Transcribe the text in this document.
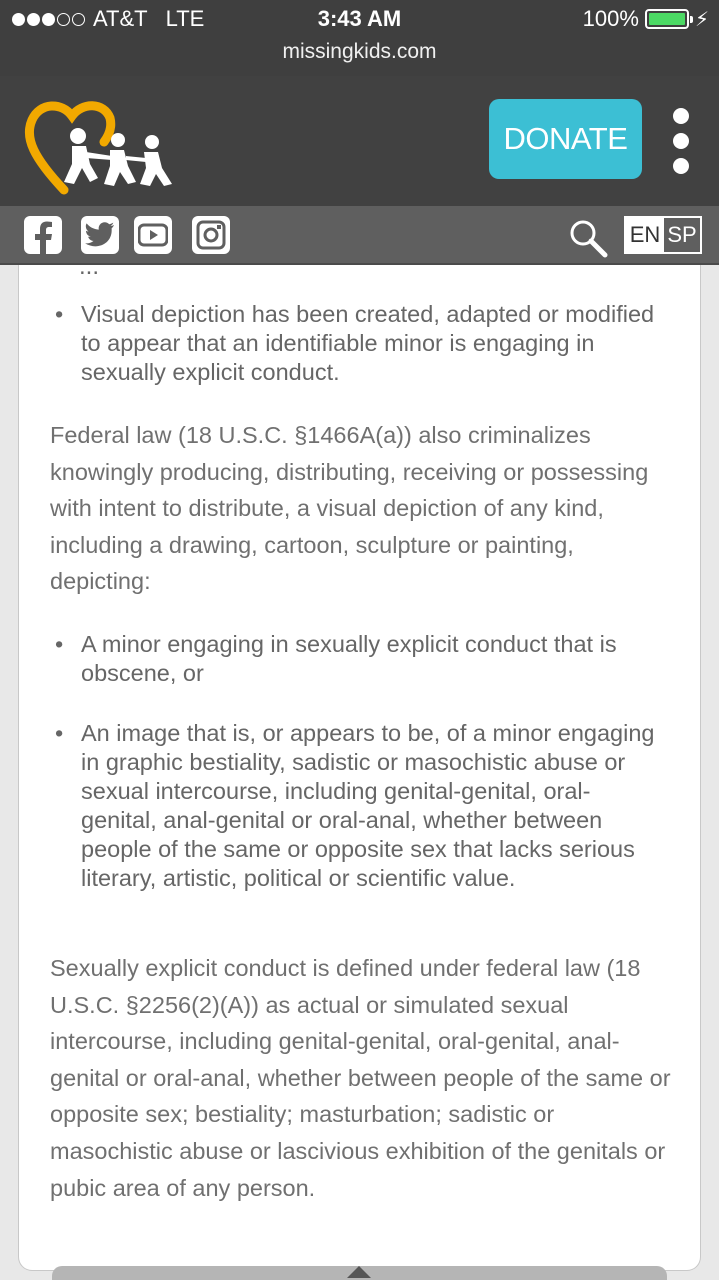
AT&T LTE	3:43 AM	100%	⚡
missingkids.com
DONATE
EN SP
...
• Visual depiction has been created, adapted or modified to appear that an identifiable minor is engaging in sexually explicit conduct.
Federal law (18 U.S.C. §1466A(a)) also criminalizes knowingly producing, distributing, receiving or possessing with intent to distribute, a visual depiction of any kind, including a drawing, cartoon, sculpture or painting, depicting:
• A minor engaging in sexually explicit conduct that is obscene, or
• An image that is, or appears to be, of a minor engaging in graphic bestiality, sadistic or masochistic abuse or sexual intercourse, including genital-genital, oral-genital, anal-genital or oral-anal, whether between people of the same or opposite sex that lacks serious literary, artistic, political or scientific value.
Sexually explicit conduct is defined under federal law (18 U.S.C. §2256(2)(A)) as actual or simulated sexual intercourse, including genital-genital, oral-genital, anal-genital or oral-anal, whether between people of the same or opposite sex; bestiality; masturbation; sadistic or masochistic abuse or lascivious exhibition of the genitals or pubic area of any person.
